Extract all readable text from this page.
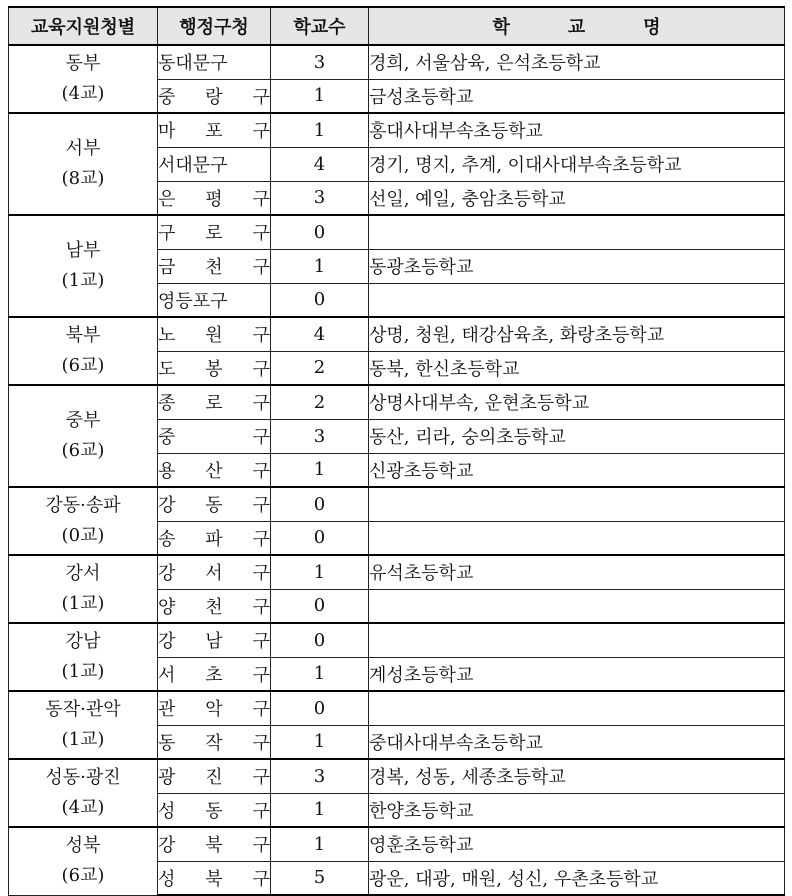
교육지원청별	행정구청	학교수	학 교 명

동부
(4교)	동대문구	3	경희, 서울삼육, 은석초등학교

	중 랑 구	1	금성초등학교

서부
(8교)	마 포 구	1	홍대사대부속초등학교

	서대문구	4	경기, 명지, 추계, 이대사대부속초등학교

	은 평 구	3	선일, 예일, 충암초등학교

남부
(1교)	구 로 구	0	

	금 천 구	1	동광초등학교

	영등포구	0	

북부
(6교)	노 원 구	4	상명, 청원, 태강삼육초, 화랑초등학교

	도 봉 구	2	동북, 한신초등학교

중부
(6교)	종 로 구	2	상명사대부속, 운현초등학교

	중 구	3	동산, 리라, 숭의초등학교

	용 산 구	1	신광초등학교

강동·송파
(0교)	강 동 구	0	

	송 파 구	0	

강서
(1교)	강 서 구	1	유석초등학교

	양 천 구	0	

강남
(1교)	강 남 구	0	

	서 초 구	1	계성초등학교

동작·관악
(1교)	관 악 구	0	

	동 작 구	1	중대사대부속초등학교

성동·광진
(4교)	광 진 구	3	경복, 성동, 세종초등학교

	성 동 구	1	한양초등학교

성북
(6교)	강 북 구	1	영훈초등학교

	성 북 구	5	광운, 대광, 매원, 성신, 우촌초등학교
